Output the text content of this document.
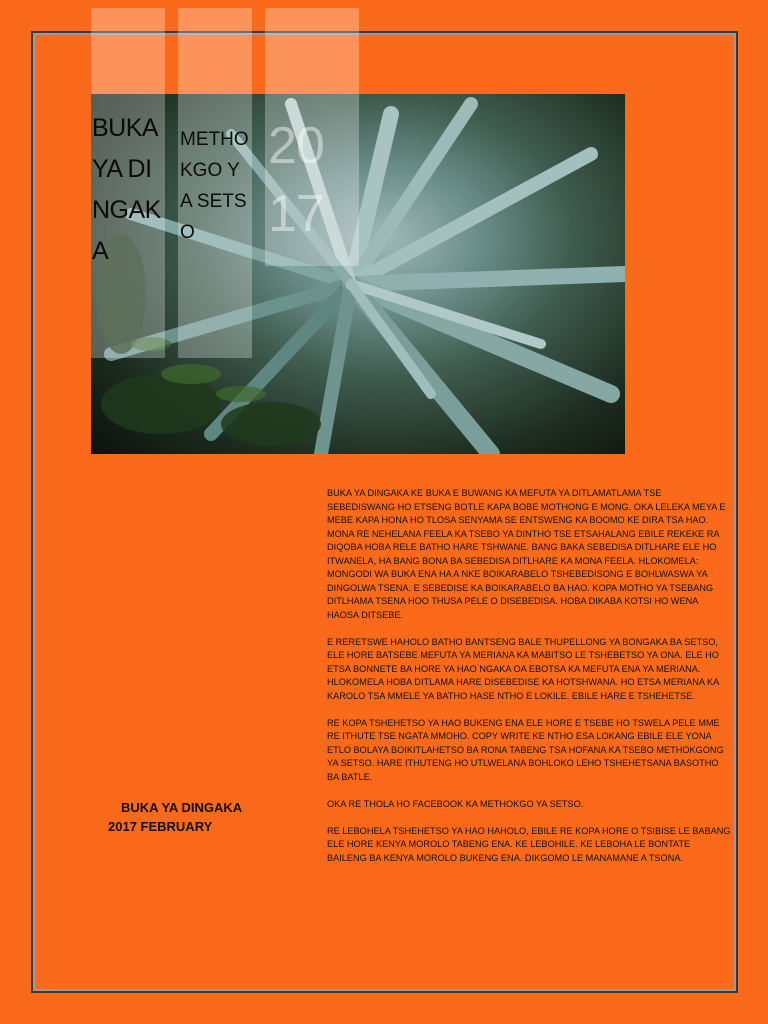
BUKA YA DINGAKA
METHOKGO YA SETSO
2017
BUKA YA DINGAKA
2017 FEBRUARY

BUKA YA DINGAKA KE BUKA E BUWANG KA MEFUTA YA DITLAMATLAMA TSE SEBEDISWANG HO ETSENG BOTLE KAPA BOBE MOTHONG E MONG. OKA LELEKA MEYA E MEBE KAPA HONA HO TLOSA SENYAMA SE ENTSWENG KA BOOMO KE DIRA TSA HAO. MONA RE NEHELANA FEELA KA TSEBO YA DINTHO TSE ETSAHALANG EBILE REKEKE RA DIQOBA HOBA RELE BATHO HARE TSHWANE. BANG BAKA SEBEDISA DITLHARE ELE HO ITWANELA, HA BANG BONA BA SEBEDISA DITLHARE KA MONA FEELA. HLOKOMELA: MONGODI WA BUKA ENA HA A NKE BOIKARABELO TSHEBEDISONG E BOHLWASWA YA DINGOLWA TSENA. E SEBEDISE KA BOIKARABELO BA HAO. KOPA MOTHO YA TSEBANG DITLHAMA TSENA HOO THUSA PELE O DISEBEDISA. HOBA DIKABA KOTSI HO WENA HAOSA DITSEBE.

E RERETSWE HAHOLO BATHO BANTSENG BALE THUPELLONG YA BONGAKA BA SETSO, ELE HORE BATSEBE MEFUTA YA MERIANA KA MABITSO LE TSHEBETSO YA ONA. ELE HO ETSA BONNETE BA HORE YA HAO NGAKA OA EBOTSA KA MEFUTA ENA YA MERIANA. HLOKOMELA HOBA DITLAMA HARE DISEBEDISE KA HOTSHWANA. HO ETSA MERIANA KA KAROLO TSA MMELE YA BATHO HASE NTHO E LOKILE. EBILE HARE E TSHEHETSE.

RE KOPA TSHEHETSO YA HAO BUKENG ENA ELE HORE E TSEBE HO TSWELA PELE MME RE ITHUTE TSE NGATA MMOHO. COPY WRITE KE NTHO ESA LOKANG EBILE ELE YONA ETLO BOLAYA BOIKITLAHETSO BA RONA TABENG TSA HOFANA KA TSEBO METHOKGONG YA SETSO. HARE ITHUTENG HO UTLWELANA BOHLOKO LEHO TSHEHETSANA BASOTHO BA BATLE.

OKA RE THOLA HO FACEBOOK KA METHOKGO YA SETSO.

RE LEBOHELA TSHEHETSO YA HAO HAHOLO, EBILE RE KOPA HORE O TSIBISE LE BABANG ELE HORE KENYA MOROLO TABENG ENA. KE LEBOHILE. KE LEBOHA LE BONTATE BAILENG BA KENYA MOROLO BUKENG ENA. DIKGOMO LE MANAMANE A TSONA.
